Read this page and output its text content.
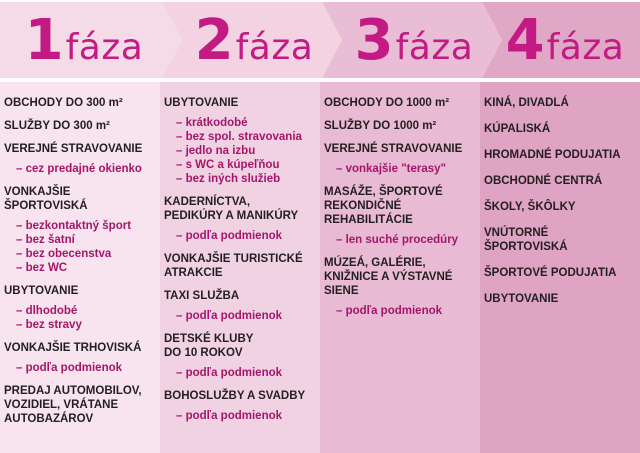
1 fáza 2 fáza 3 fáza 4 fáza
OBCHODY DO 300 m²
SLUŽBY DO 300 m²
VEREJNÉ STRAVOVANIE
– cez predajné okienko
VONKAJŠIE
ŠPORTOVISKÁ
– bezkontaktný šport
– bez šatní
– bez obecenstva
– bez WC
UBYTOVANIE
– dlhodobé
– bez stravy
VONKAJŠIE TRHOVISKÁ
– podľa podmienok
PREDAJ AUTOMOBILOV,
VOZIDIEL, VRÁTANE
AUTOBAZÁROV
UBYTOVANIE
– krátkodobé
– bez spol. stravovania
– jedlo na izbu
– s WC a kúpeľňou
– bez iných služieb
KADERNÍCTVA,
PEDIKÚRY A MANIKÚRY
– podľa podmienok
VONKAJŠIE TURISTICKÉ
ATRAKCIE
TAXI SLUŽBA
– podľa podmienok
DETSKÉ KLUBY
DO 10 ROKOV
– podľa podmienok
BOHOSLUŽBY A SVADBY
– podľa podmienok
OBCHODY DO 1000 m²
SLUŽBY DO 1000 m²
VEREJNÉ STRAVOVANIE
– vonkajšie "terasy"
MASÁŽE, ŠPORTOVÉ
REKONDIČNÉ
REHABILITÁCIE
– len suché procedúry
MÚZEÁ, GALÉRIE,
KNIŽNICE A VÝSTAVNÉ
SIENE
– podľa podmienok
KINÁ, DIVADLÁ
KÚPALISKÁ
HROMADNÉ PODUJATIA
OBCHODNÉ CENTRÁ
ŠKOLY, ŠKÔLKY
VNÚTORNÉ
ŠPORTOVISKÁ
ŠPORTOVÉ PODUJATIA
UBYTOVANIE
